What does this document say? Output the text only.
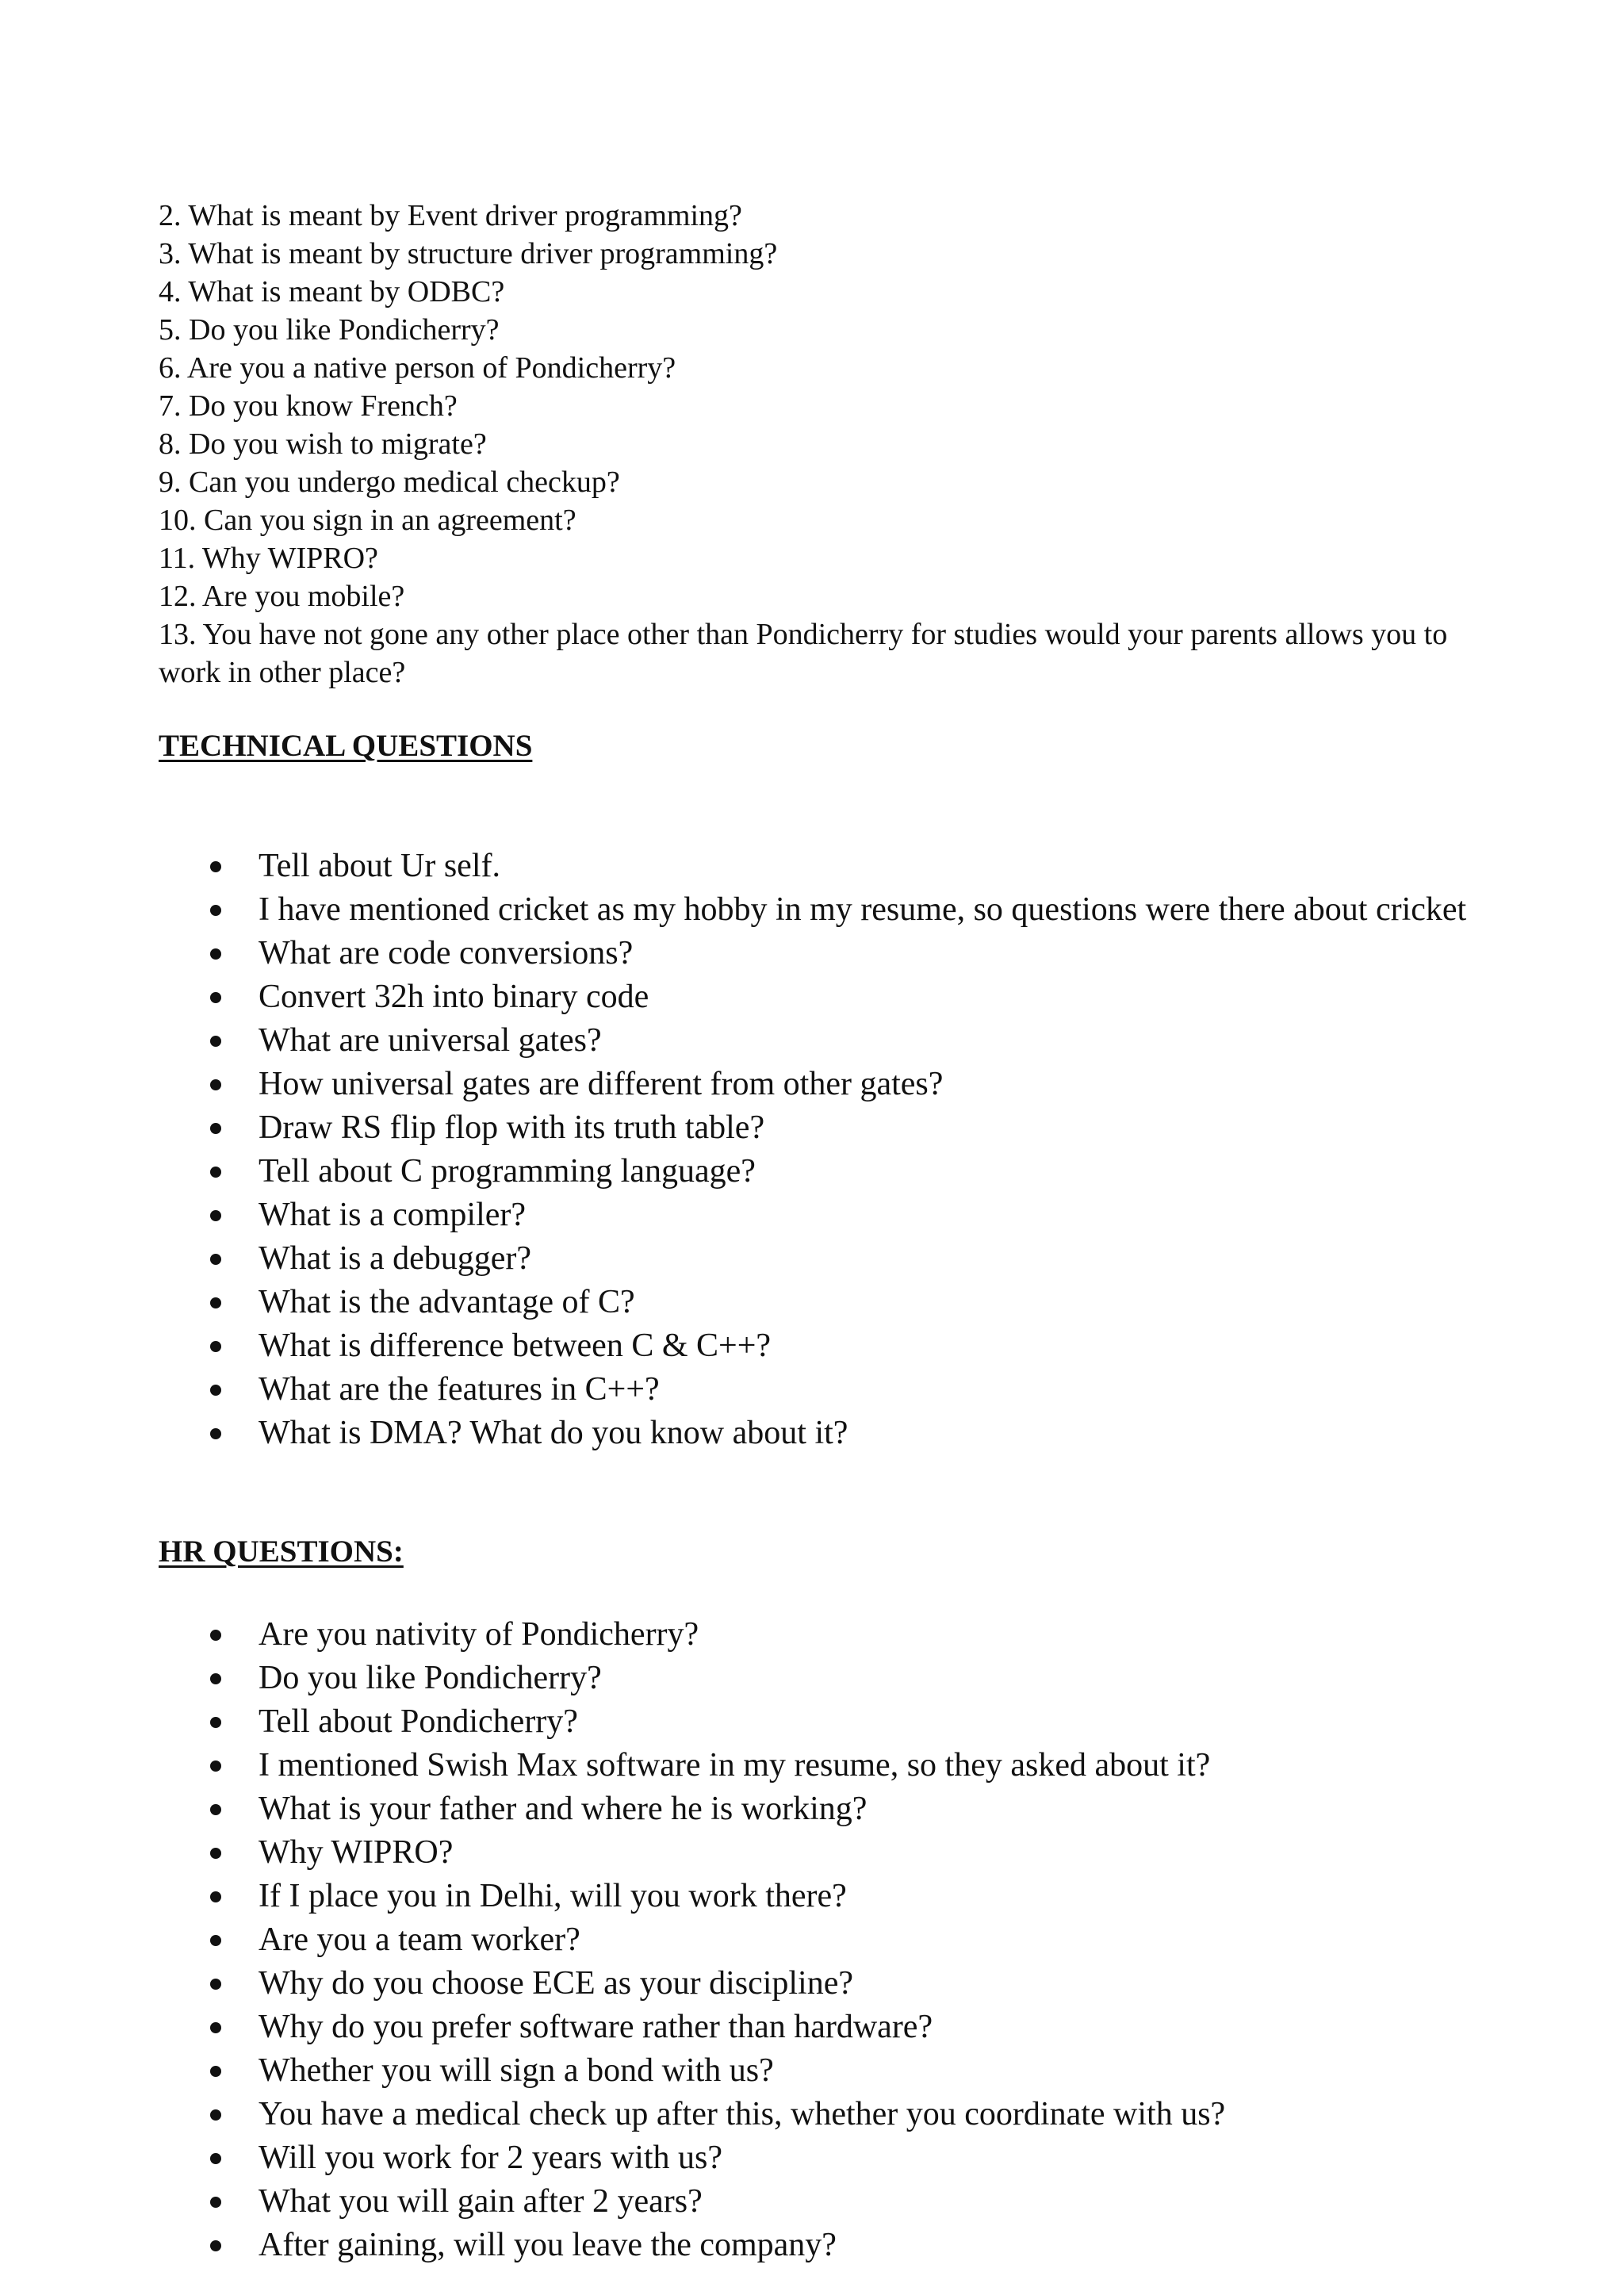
2. What is meant by Event driver programming?
3. What is meant by structure driver programming?
4. What is meant by ODBC?
5. Do you like Pondicherry?
6. Are you a native person of Pondicherry?
7. Do you know French?
8. Do you wish to migrate?
9. Can you undergo medical checkup?
10. Can you sign in an agreement?
11. Why WIPRO?
12. Are you mobile?
13. You have not gone any other place other than Pondicherry for studies would your parents allows you to work in other place?
TECHNICAL QUESTIONS
Tell about Ur self.
I have mentioned cricket as my hobby in my resume, so questions were there about cricket
What are code conversions?
Convert 32h into binary code
What are universal gates?
How universal gates are different from other gates?
Draw RS flip flop with its truth table?
Tell about C programming language?
What is a compiler?
What is a debugger?
What is the advantage of C?
What is difference between C & C++?
What are the features in C++?
What is DMA? What do you know about it?
HR QUESTIONS:
Are you nativity of Pondicherry?
Do you like Pondicherry?
Tell about Pondicherry?
I mentioned Swish Max software in my resume, so they asked about it?
What is your father and where he is working?
Why WIPRO?
If I place you in Delhi, will you work there?
Are you a team worker?
Why do you choose ECE as your discipline?
Why do you prefer software rather than hardware?
Whether you will sign a bond with us?
You have a medical check up after this, whether you coordinate with us?
Will you work for 2 years with us?
What you will gain after 2 years?
After gaining, will you leave the company?
